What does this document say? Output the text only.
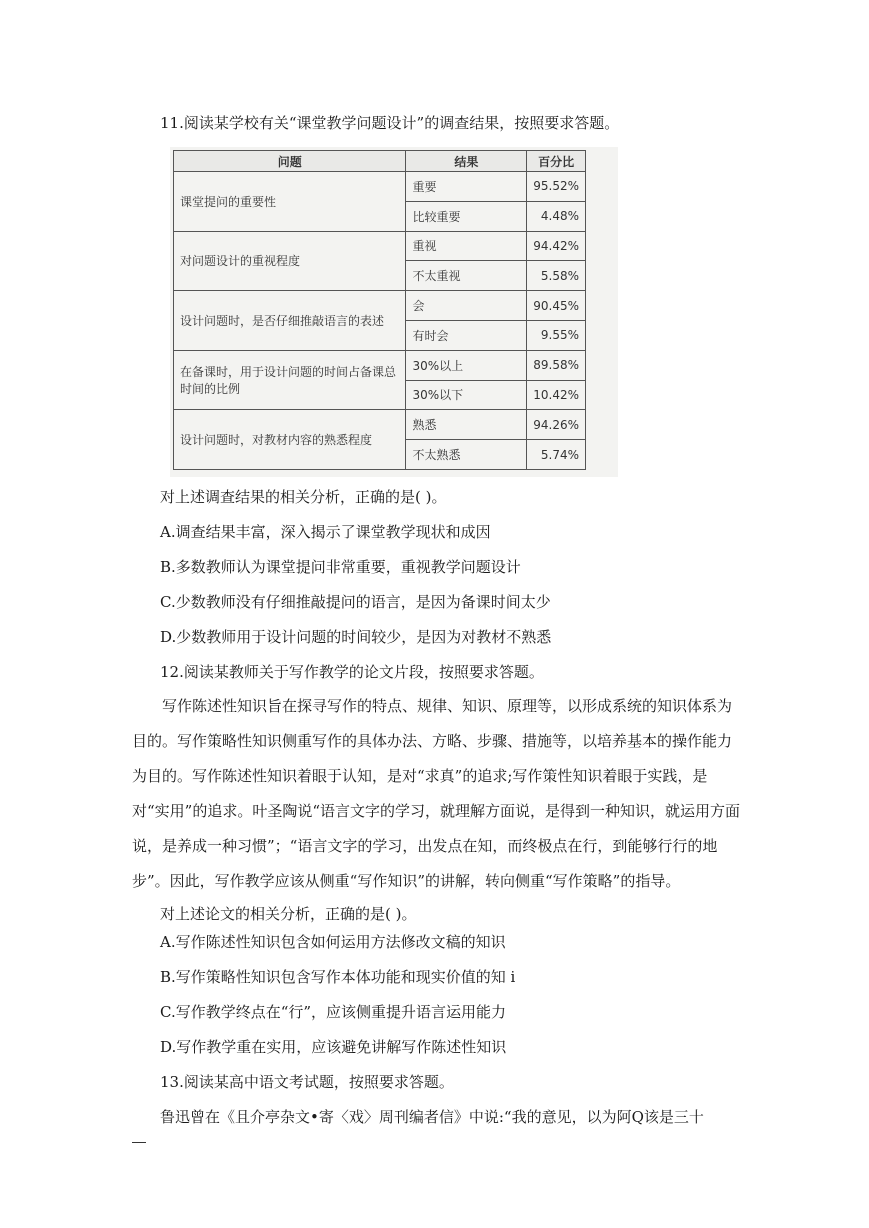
11.阅读某学校有关“课堂教学问题设计”的调查结果，按照要求答题。
问题	结果	百分比
课堂提问的重要性	重要	95.52%
	比较重要	4.48%
对问题设计的重视程度	重视	94.42%
	不太重视	5.58%
设计问题时，是否仔细推敲语言的表述	会	90.45%
	有时会	9.55%
在备课时，用于设计问题的时间占备课总时间的比例	30%以上	89.58%
	30%以下	10.42%
设计问题时，对教材内容的熟悉程度	熟悉	94.26%
	不太熟悉	5.74%
对上述调查结果的相关分析，正确的是( )。
A.调查结果丰富，深入揭示了课堂教学现状和成因
B.多数教师认为课堂提问非常重要，重视教学问题设计
C.少数教师没有仔细推敲提问的语言，是因为备课时间太少
D.少数教师用于设计问题的时间较少，是因为对教材不熟悉
12.阅读某教师关于写作教学的论文片段，按照要求答题。
写作陈述性知识旨在探寻写作的特点、规律、知识、原理等，以形成系统的知识体系为目的。写作策略性知识侧重写作的具体办法、方略、步骤、措施等，以培养基本的操作能力为目的。写作陈述性知识着眼于认知，是对“求真”的追求;写作策性知识着眼于实践，是对“实用”的追求。叶圣陶说“语言文字的学习，就理解方面说，是得到一种知识，就运用方面说，是养成一种习惯”；“语言文字的学习，出发点在知，而终极点在行，到能够行行的地步”。因此，写作教学应该从侧重“写作知识”的讲解，转向侧重“写作策略”的指导。
对上述论文的相关分析，正确的是( )。
A.写作陈述性知识包含如何运用方法修改文稿的知识
B.写作策略性知识包含写作本体功能和现实价值的知 i
C.写作教学终点在“行”，应该侧重提升语言运用能力
D.写作教学重在实用，应该避免讲解写作陈述性知识
13.阅读某高中语文考试题，按照要求答题。
鲁迅曾在《且介亭杂文•寄〈戏〉周刊编者信》中说:“我的意见，以为阿Q该是三十
